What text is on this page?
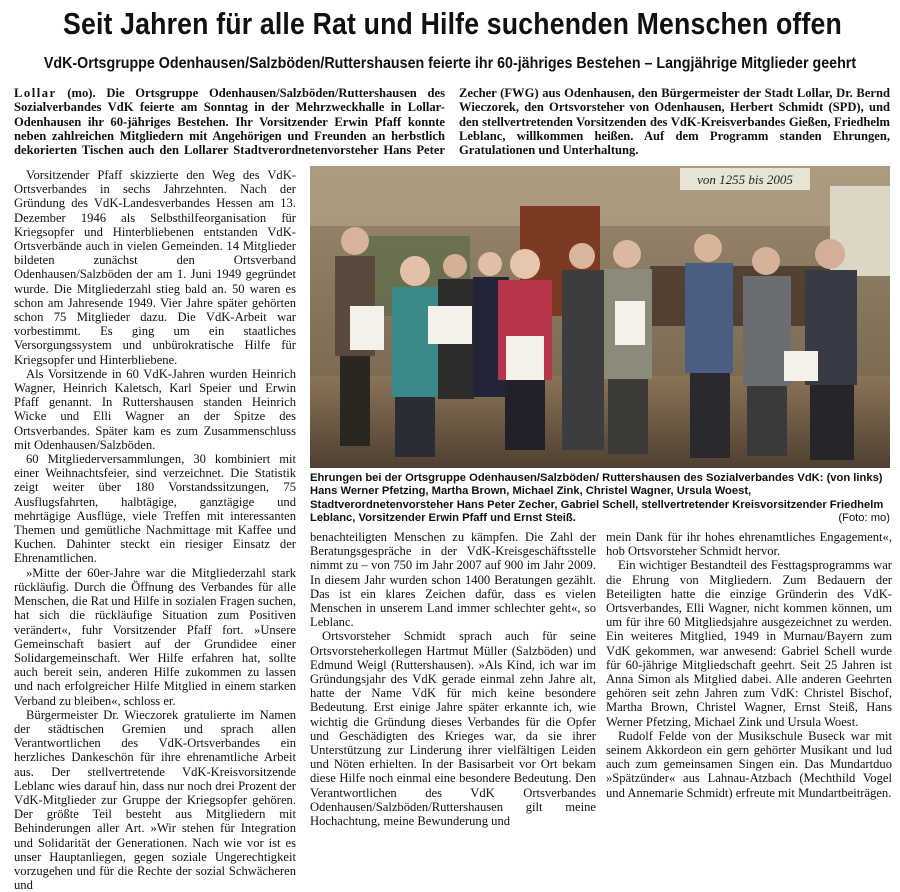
Seit Jahren für alle Rat und Hilfe suchenden Menschen offen
VdK-Ortsgruppe Odenhausen/Salzböden/Ruttershausen feierte ihr 60-jähriges Bestehen – Langjährige Mitglieder geehrt
Lollar (mo). Die Ortsgruppe Odenhausen/Salzböden/Ruttershausen des Sozialverbandes VdK feierte am Sonntag in der Mehrzweckhalle in Lollar-Odenhausen ihr 60-jähriges Bestehen. Ihr Vorsitzender Erwin Pfaff konnte neben zahlreichen Mitgliedern mit Angehörigen und Freunden an herbstlich dekorierten Tischen auch den Lollarer Stadtverordnetenvorsteher Hans Peter Zecher (FWG) aus Odenhausen, den Bürgermeister der Stadt Lollar, Dr. Bernd Wieczorek, den Ortsvorsteher von Odenhausen, Herbert Schmidt (SPD), und den stellvertretenden Vorsitzenden des VdK-Kreisverbandes Gießen, Friedhelm Leblanc, willkommen heißen. Auf dem Programm standen Ehrungen, Gratulationen und Unterhaltung.

Vorsitzender Pfaff skizzierte den Weg des VdK-Ortsverbandes in sechs Jahrzehnten. Nach der Gründung des VdK-Landesverbandes Hessen am 13. Dezember 1946 als Selbsthilfeorganisation für Kriegsopfer und Hinterbliebenen entstanden VdK-Ortsverbände auch in vielen Gemeinden. 14 Mitglieder bildeten zunächst den Ortsverband Odenhausen/Salzböden der am 1. Juni 1949 gegründet wurde. Die Mitgliederzahl stieg bald an. 50 waren es schon am Jahresende 1949. Vier Jahre später gehörten schon 75 Mitglieder dazu. Die VdK-Arbeit war vorbestimmt. Es ging um ein staatliches Versorgungssystem und unbürokratische Hilfe für Kriegsopfer und Hinterbliebene.

Als Vorsitzende in 60 VdK-Jahren wurden Heinrich Wagner, Heinrich Kaletsch, Karl Speier und Erwin Pfaff genannt. In Ruttershausen standen Heinrich Wicke und Elli Wagner an der Spitze des Ortsverbandes. Später kam es zum Zusammenschluss mit Odenhausen/Salzböden.

60 Mitgliederversammlungen, 30 kombiniert mit einer Weihnachtsfeier, sind verzeichnet. Die Statistik zeigt weiter über 180 Vorstandssitzungen, 75 Ausflugsfahrten, halbtägige, ganztägige und mehrtägige Ausflüge, viele Treffen mit interessanten Themen und gemütliche Nachmittage mit Kaffee und Kuchen. Dahinter steckt ein riesiger Einsatz der Ehrenamtlichen.

»Mitte der 60er-Jahre war die Mitgliederzahl stark rückläufig. Durch die Öffnung des Verbandes für alle Menschen, die Rat und Hilfe in sozialen Fragen suchen, hat sich die rückläufige Situation zum Positiven verändert«, fuhr Vorsitzender Pfaff fort. »Unsere Gemeinschaft basiert auf der Grundidee einer Solidargemeinschaft. Wer Hilfe erfahren hat, sollte auch bereit sein, anderen Hilfe zukommen zu lassen und nach erfolgreicher Hilfe Mitglied in einem starken Verband zu bleiben«, schloss er.

Bürgermeister Dr. Wieczorek gratulierte im Namen der städtischen Gremien und sprach allen Verantwortlichen des VdK-Ortsverbandes ein herzliches Dankeschön für ihre ehrenamtliche Arbeit aus. Der stellvertretende VdK-Kreisvorsitzende Leblanc wies darauf hin, dass nur noch drei Prozent der VdK-Mitglieder zur Gruppe der Kriegsopfer gehören. Der größte Teil besteht aus Mitgliedern mit Behinderungen aller Art. »Wir stehen für Integration und Solidarität der Generationen. Nach wie vor ist es unser Hauptanliegen, gegen soziale Ungerechtigkeit vorzugehen und für die Rechte der sozial Schwächeren und

von 1255 bis 2005
Ehrungen bei der Ortsgruppe Odenhausen/Salzböden/ Ruttershausen des Sozialverbandes VdK: (von links) Hans Werner Pfetzing, Martha Brown, Michael Zink, Christel Wagner, Ursula Woest, Stadtverordnetenvorsteher Hans Peter Zecher, Gabriel Schell, stellvertretender Kreisvorsitzender Friedhelm Leblanc, Vorsitzender Erwin Pfaff und Ernst Steiß.	(Foto: mo)

benachteiligten Menschen zu kämpfen. Die Zahl der Beratungsgespräche in der VdK-Kreisgeschäftsstelle nimmt zu – von 750 im Jahr 2007 auf 900 im Jahr 2009. In diesem Jahr wurden schon 1400 Beratungen gezählt. Das ist ein klares Zeichen dafür, dass es vielen Menschen in unserem Land immer schlechter geht«, so Leblanc.

Ortsvorsteher Schmidt sprach auch für seine Ortsvorsteherkollegen Hartmut Müller (Salzböden) und Edmund Weigl (Ruttershausen). »Als Kind, ich war im Gründungsjahr des VdK gerade einmal zehn Jahre alt, hatte der Name VdK für mich keine besondere Bedeutung. Erst einige Jahre später erkannte ich, wie wichtig die Gründung dieses Verbandes für die Opfer und Geschädigten des Krieges war, da sie ihrer Unterstützung zur Linderung ihrer vielfältigen Leiden und Nöten erhielten. In der Basisarbeit vor Ort bekam diese Hilfe noch einmal eine besondere Bedeutung. Den Verantwortlichen des VdK Ortsverbandes Odenhausen/Salzböden/Ruttershausen gilt meine Hochachtung, meine Bewunderung und

mein Dank für ihr hohes ehrenamtliches Engagement«, hob Ortsvorsteher Schmidt hervor.

Ein wichtiger Bestandteil des Festtagsprogramms war die Ehrung von Mitgliedern. Zum Bedauern der Beteiligten hatte die einzige Gründerin des VdK-Ortsverbandes, Elli Wagner, nicht kommen können, um um für ihre 60 Mitgliedsjahre ausgezeichnet zu werden. Ein weiteres Mitglied, 1949 in Murnau/Bayern zum VdK gekommen, war anwesend: Gabriel Schell wurde für 60-jährige Mitgliedschaft geehrt. Seit 25 Jahren ist Anna Simon als Mitglied dabei. Alle anderen Geehrten gehören seit zehn Jahren zum VdK: Christel Bischof, Martha Brown, Christel Wagner, Ernst Steiß, Hans Werner Pfetzing, Michael Zink und Ursula Woest.

Rudolf Felde von der Musikschule Buseck war mit seinem Akkordeon ein gern gehörter Musikant und lud auch zum gemeinsamen Singen ein. Das Mundartduo »Spätzünder« aus Lahnau-Atzbach (Mechthild Vogel und Annemarie Schmidt) erfreute mit Mundartbeiträgen.
